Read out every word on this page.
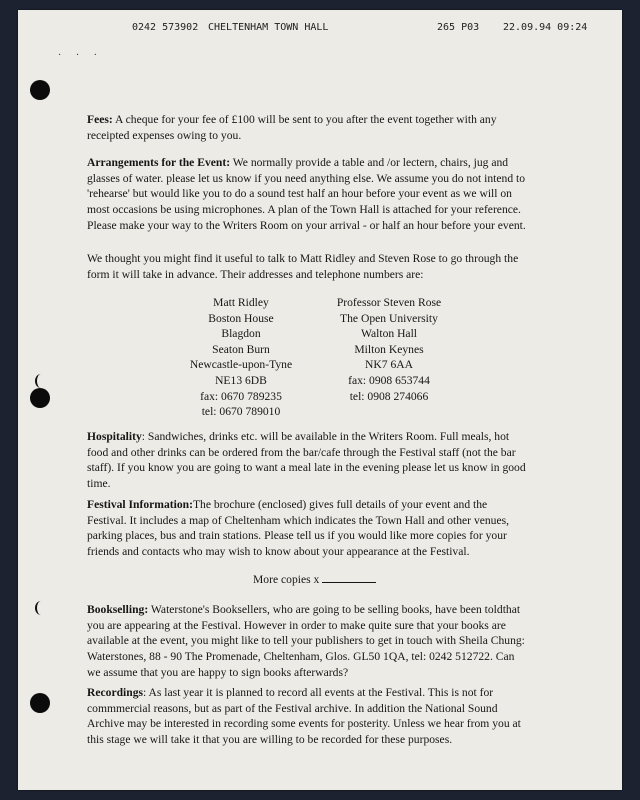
· · ·
0242 573902 CHELTENHAM TOWN HALL	265 P03 22.09.94 09:24

Fees: A cheque for your fee of £100 will be sent to you after the event together with any receipted expenses owing to you.

Arrangements for the Event: We normally provide a table and /or lectern, chairs, jug and glasses of water. please let us know if you need anything else. We assume you do not intend to 'rehearse' but would like you to do a sound test half an hour before your event as we will on most occasions be using microphones. A plan of the Town Hall is attached for your reference. Please make your way to the Writers Room on your arrival - or half an hour before your event.

We thought you might find it useful to talk to Matt Ridley and Steven Rose to go through the form it will take in advance. Their addresses and telephone numbers are:

Matt Ridley
Boston House
Blagdon
Seaton Burn
Newcastle-upon-Tyne
NE13 6DB
fax: 0670 789235
tel: 0670 789010
Professor Steven Rose
The Open University
Walton Hall
Milton Keynes
NK7 6AA
fax: 0908 653744
tel: 0908 274066

Hospitality: Sandwiches, drinks etc. will be available in the Writers Room. Full meals, hot food and other drinks can be ordered from the bar/cafe through the Festival staff (not the bar staff). If you know you are going to want a meal late in the evening please let us know in good time.

Festival Information:The brochure (enclosed) gives full details of your event and the Festival. It includes a map of Cheltenham which indicates the Town Hall and other venues, parking places, bus and train stations. Please tell us if you would like more copies for your friends and contacts who may wish to know about your appearance at the Festival.

More copies x

Bookselling: Waterstone's Booksellers, who are going to be selling books, have been toldthat you are appearing at the Festival. However in order to make quite sure that your books are available at the event, you might like to tell your publishers to get in touch with Sheila Chung: Waterstones, 88 - 90 The Promenade, Cheltenham, Glos. GL50 1QA, tel: 0242 512722. Can we assume that you are happy to sign books afterwards?

Recordings: As last year it is planned to record all events at the Festival. This is not for commmercial reasons, but as part of the Festival archive. In addition the National Sound Archive may be interested in recording some events for posterity. Unless we hear from you at this stage we will take it that you are willing to be recorded for these purposes.
